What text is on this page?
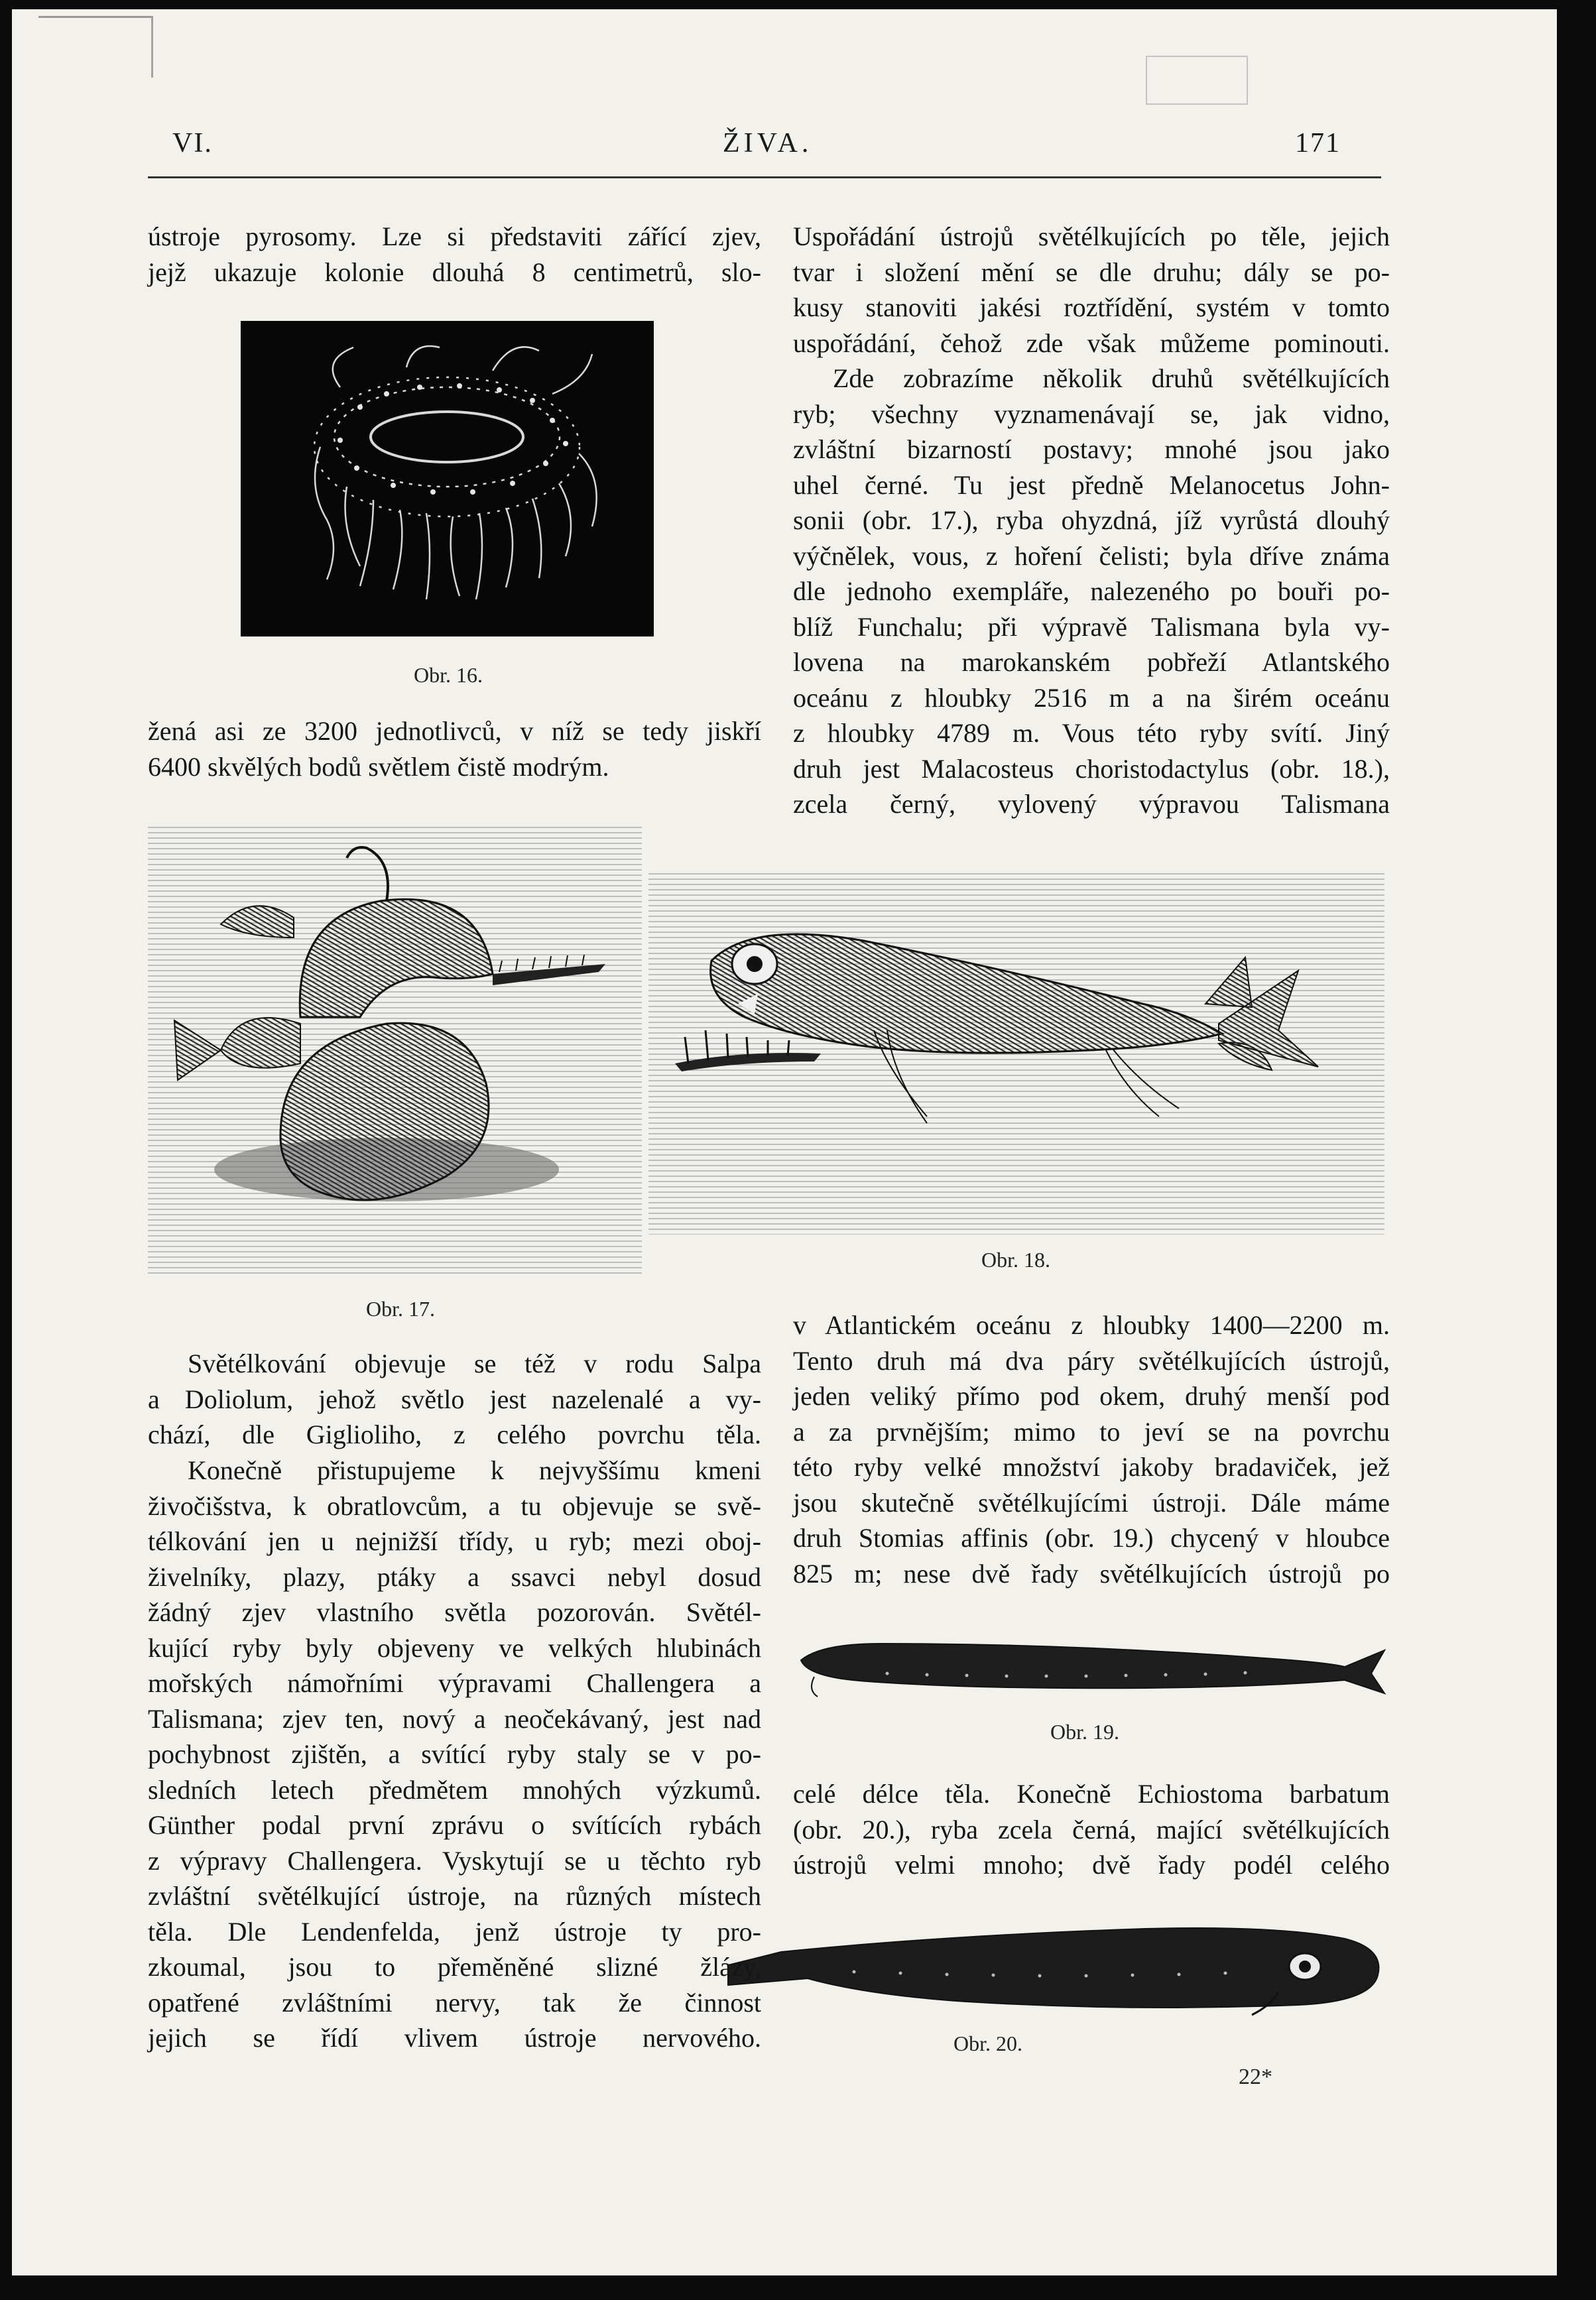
VI.	ŽIVA.	171
ústroje pyrosomy. Lze si představiti zářící zjev,
jejž ukazuje kolonie dlouhá 8 centimetrů, slo-
Obr. 16.
žená asi ze 3200 jednotlivců, v níž se tedy jiskří
6400 skvělých bodů světlem čistě modrým.
Uspořádání ústrojů světélkujících po těle, jejich
tvar i složení mění se dle druhu; dály se po-
kusy stanoviti jakési roztřídění, systém v tomto
uspořádání, čehož zde však můžeme pominouti.
Zde zobrazíme několik druhů světélkujících
ryb; všechny vyznamenávají se, jak vidno,
zvláštní bizarností postavy; mnohé jsou jako
uhel černé. Tu jest předně Melanocetus John-
sonii (obr. 17.), ryba ohyzdná, jíž vyrůstá dlouhý
výčnělek, vous, z hoření čelisti; byla dříve známa
dle jednoho exempláře, nalezeného po bouři po-
blíž Funchalu; při výpravě Talismana byla vy-
lovena na marokanském pobřeží Atlantského
oceánu z hloubky 2516 m a na širém oceánu
z hloubky 4789 m. Vous této ryby svítí. Jiný
druh jest Malacosteus choristodactylus (obr. 18.),
zcela černý, vylovený výpravou Talismana
Obr. 17.
Obr. 18.
v Atlantickém oceánu z hloubky 1400—2200 m.
Tento druh má dva páry světélkujících ústrojů,
jeden veliký přímo pod okem, druhý menší pod
a za prvnějším; mimo to jeví se na povrchu
této ryby velké množství jakoby bradaviček, jež
jsou skutečně světélkujícími ústroji. Dále máme
druh Stomias affinis (obr. 19.) chycený v hloubce
825 m; nese dvě řady světélkujících ústrojů po
Obr. 19.
celé délce těla. Konečně Echiostoma barbatum
(obr. 20.), ryba zcela černá, mající světélkujících
ústrojů velmi mnoho; dvě řady podél celého
Obr. 20.
Světélkování objevuje se též v rodu Salpa
a Doliolum, jehož světlo jest nazelenalé a vy-
chází, dle Giglioliho, z celého povrchu těla.
Konečně přistupujeme k nejvyššímu kmeni
živočišstva, k obratlovcům, a tu objevuje se svě-
télkování jen u nejnižší třídy, u ryb; mezi oboj-
živelníky, plazy, ptáky a ssavci nebyl dosud
žádný zjev vlastního světla pozorován. Světél-
kující ryby byly objeveny ve velkých hlubinách
mořských námořními výpravami Challengera a
Talismana; zjev ten, nový a neočekávaný, jest nad
pochybnost zjištěn, a svítící ryby staly se v po-
sledních letech předmětem mnohých výzkumů.
Günther podal první zprávu o svítících rybách
z výpravy Challengera. Vyskytují se u těchto ryb
zvláštní světélkující ústroje, na různých místech
těla. Dle Lendenfelda, jenž ústroje ty pro-
zkoumal, jsou to přeměněné slizné žlázy,
opatřené zvláštními nervy, tak že činnost
jejich se řídí vlivem ústroje nervového.
22*
